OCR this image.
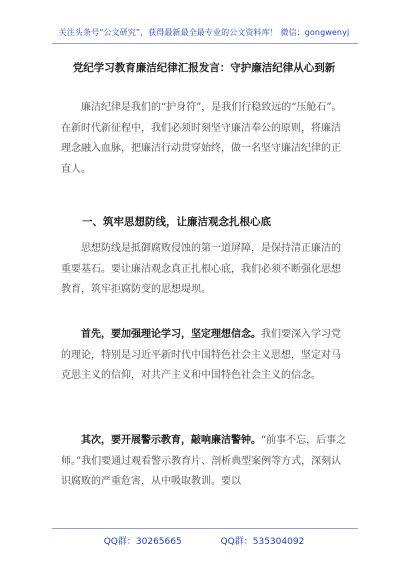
关注头条号“公文研究”，获得最新最全最专业的公文资料库！ 微信：gongwenyj
党纪学习教育廉洁纪律汇报发言：守护廉洁纪律从心到新

廉洁纪律是我们的“护身符”，是我们行稳致远的“压舱石”。在新时代新征程中，我们必须时刻坚守廉洁奉公的原则，将廉洁理念融入血脉，把廉洁行动贯穿始终，做一名坚守廉洁纪律的正直人。

一、筑牢思想防线，让廉洁观念扎根心底

思想防线是抵御腐败侵蚀的第一道屏障，是保持清正廉洁的重要基石。要让廉洁观念真正扎根心底，我们必须不断强化思想教育，筑牢拒腐防变的思想堤坝。

首先，要加强理论学习，坚定理想信念。我们要深入学习党的理论，特别是习近平新时代中国特色社会主义思想，坚定对马克思主义的信仰，对共产主义和中国特色社会主义的信念。

其次，要开展警示教育，敲响廉洁警钟。“前事不忘，后事之师。”我们要通过观看警示教育片、剖析典型案例等方式，深刻认识腐败的严重危害，从中吸取教训。要以

QQ群：30265665	QQ群：535304092
